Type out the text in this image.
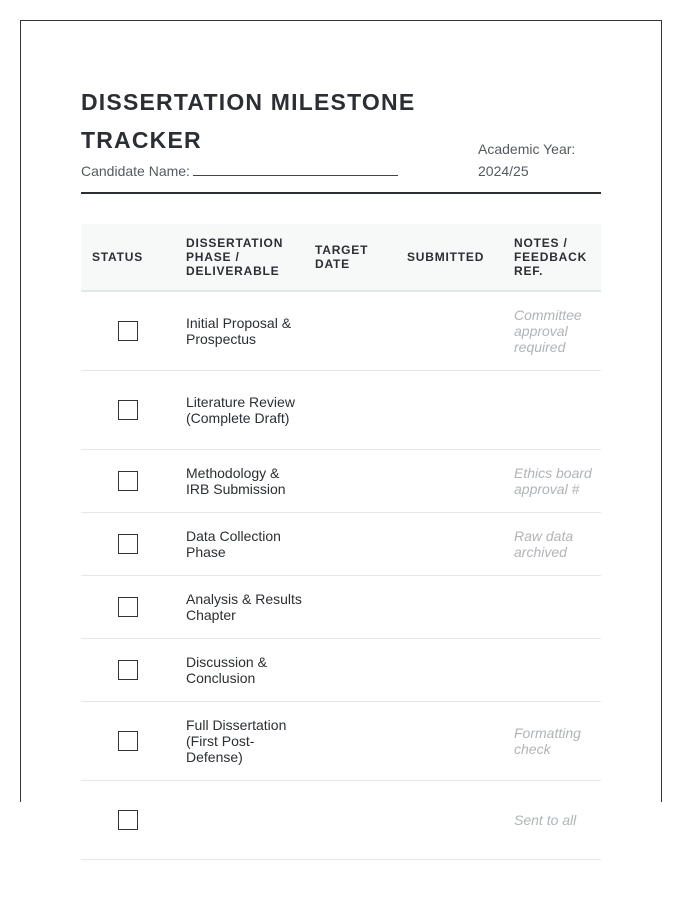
DISSERTATION MILESTONE TRACKER
Candidate Name:
Academic Year:
2024/25
STATUS	DISSERTATION PHASE / DELIVERABLE	TARGET DATE	SUBMITTED	NOTES / FEEDBACK REF.
	Initial Proposal & Prospectus			Committee approval required
	Literature Review (Complete Draft)			
	Methodology & IRB Submission			Ethics board approval #
	Data Collection Phase			Raw data archived
	Analysis & Results Chapter			
	Discussion & Conclusion			
	Full Dissertation (First Post-Defense)			Formatting check
				Sent to all
